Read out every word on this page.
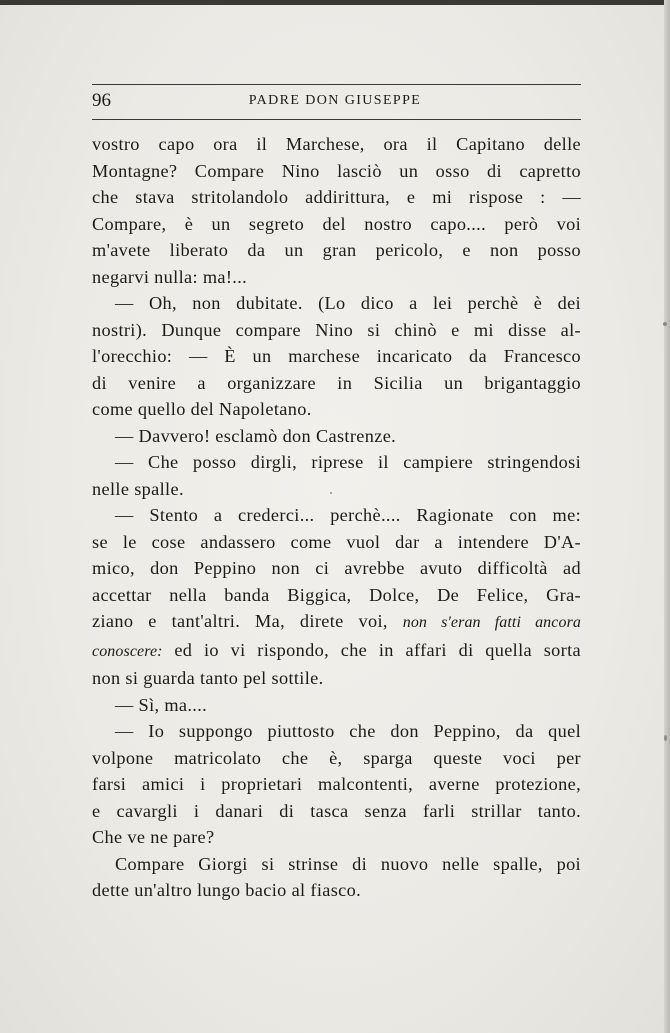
96	PADRE DON GIUSEPPE

vostro capo ora il Marchese, ora il Capitano delle

Montagne? Compare Nino lasciò un osso di capretto

che stava stritolandolo addirittura, e mi rispose : —

Compare, è un segreto del nostro capo.... però voi

m'avete liberato da un gran pericolo, e non posso

negarvi nulla: ma!...

— Oh, non dubitate. (Lo dico a lei perchè è dei

nostri). Dunque compare Nino si chinò e mi disse al-

l'orecchio: — È un marchese incaricato da Francesco

di venire a organizzare in Sicilia un brigantaggio

come quello del Napoletano.

— Davvero! esclamò don Castrenze.

— Che posso dirgli, riprese il campiere stringendosi

nelle spalle.

— Stento a crederci... perchè.... Ragionate con me:

se le cose andassero come vuol dar a intendere D'A-

mico, don Peppino non ci avrebbe avuto difficoltà ad

accettar nella banda Biggica, Dolce, De Felice, Gra-

ziano e tant'altri. Ma, direte voi, non s'eran fatti ancora

conoscere: ed io vi rispondo, che in affari di quella sorta

non si guarda tanto pel sottile.

— Sì, ma....

— Io suppongo piuttosto che don Peppino, da quel

volpone matricolato che è, sparga queste voci per

farsi amici i proprietari malcontenti, averne protezione,

e cavargli i danari di tasca senza farli strillar tanto.

Che ve ne pare?

Compare Giorgi si strinse di nuovo nelle spalle, poi

dette un'altro lungo bacio al fiasco.
